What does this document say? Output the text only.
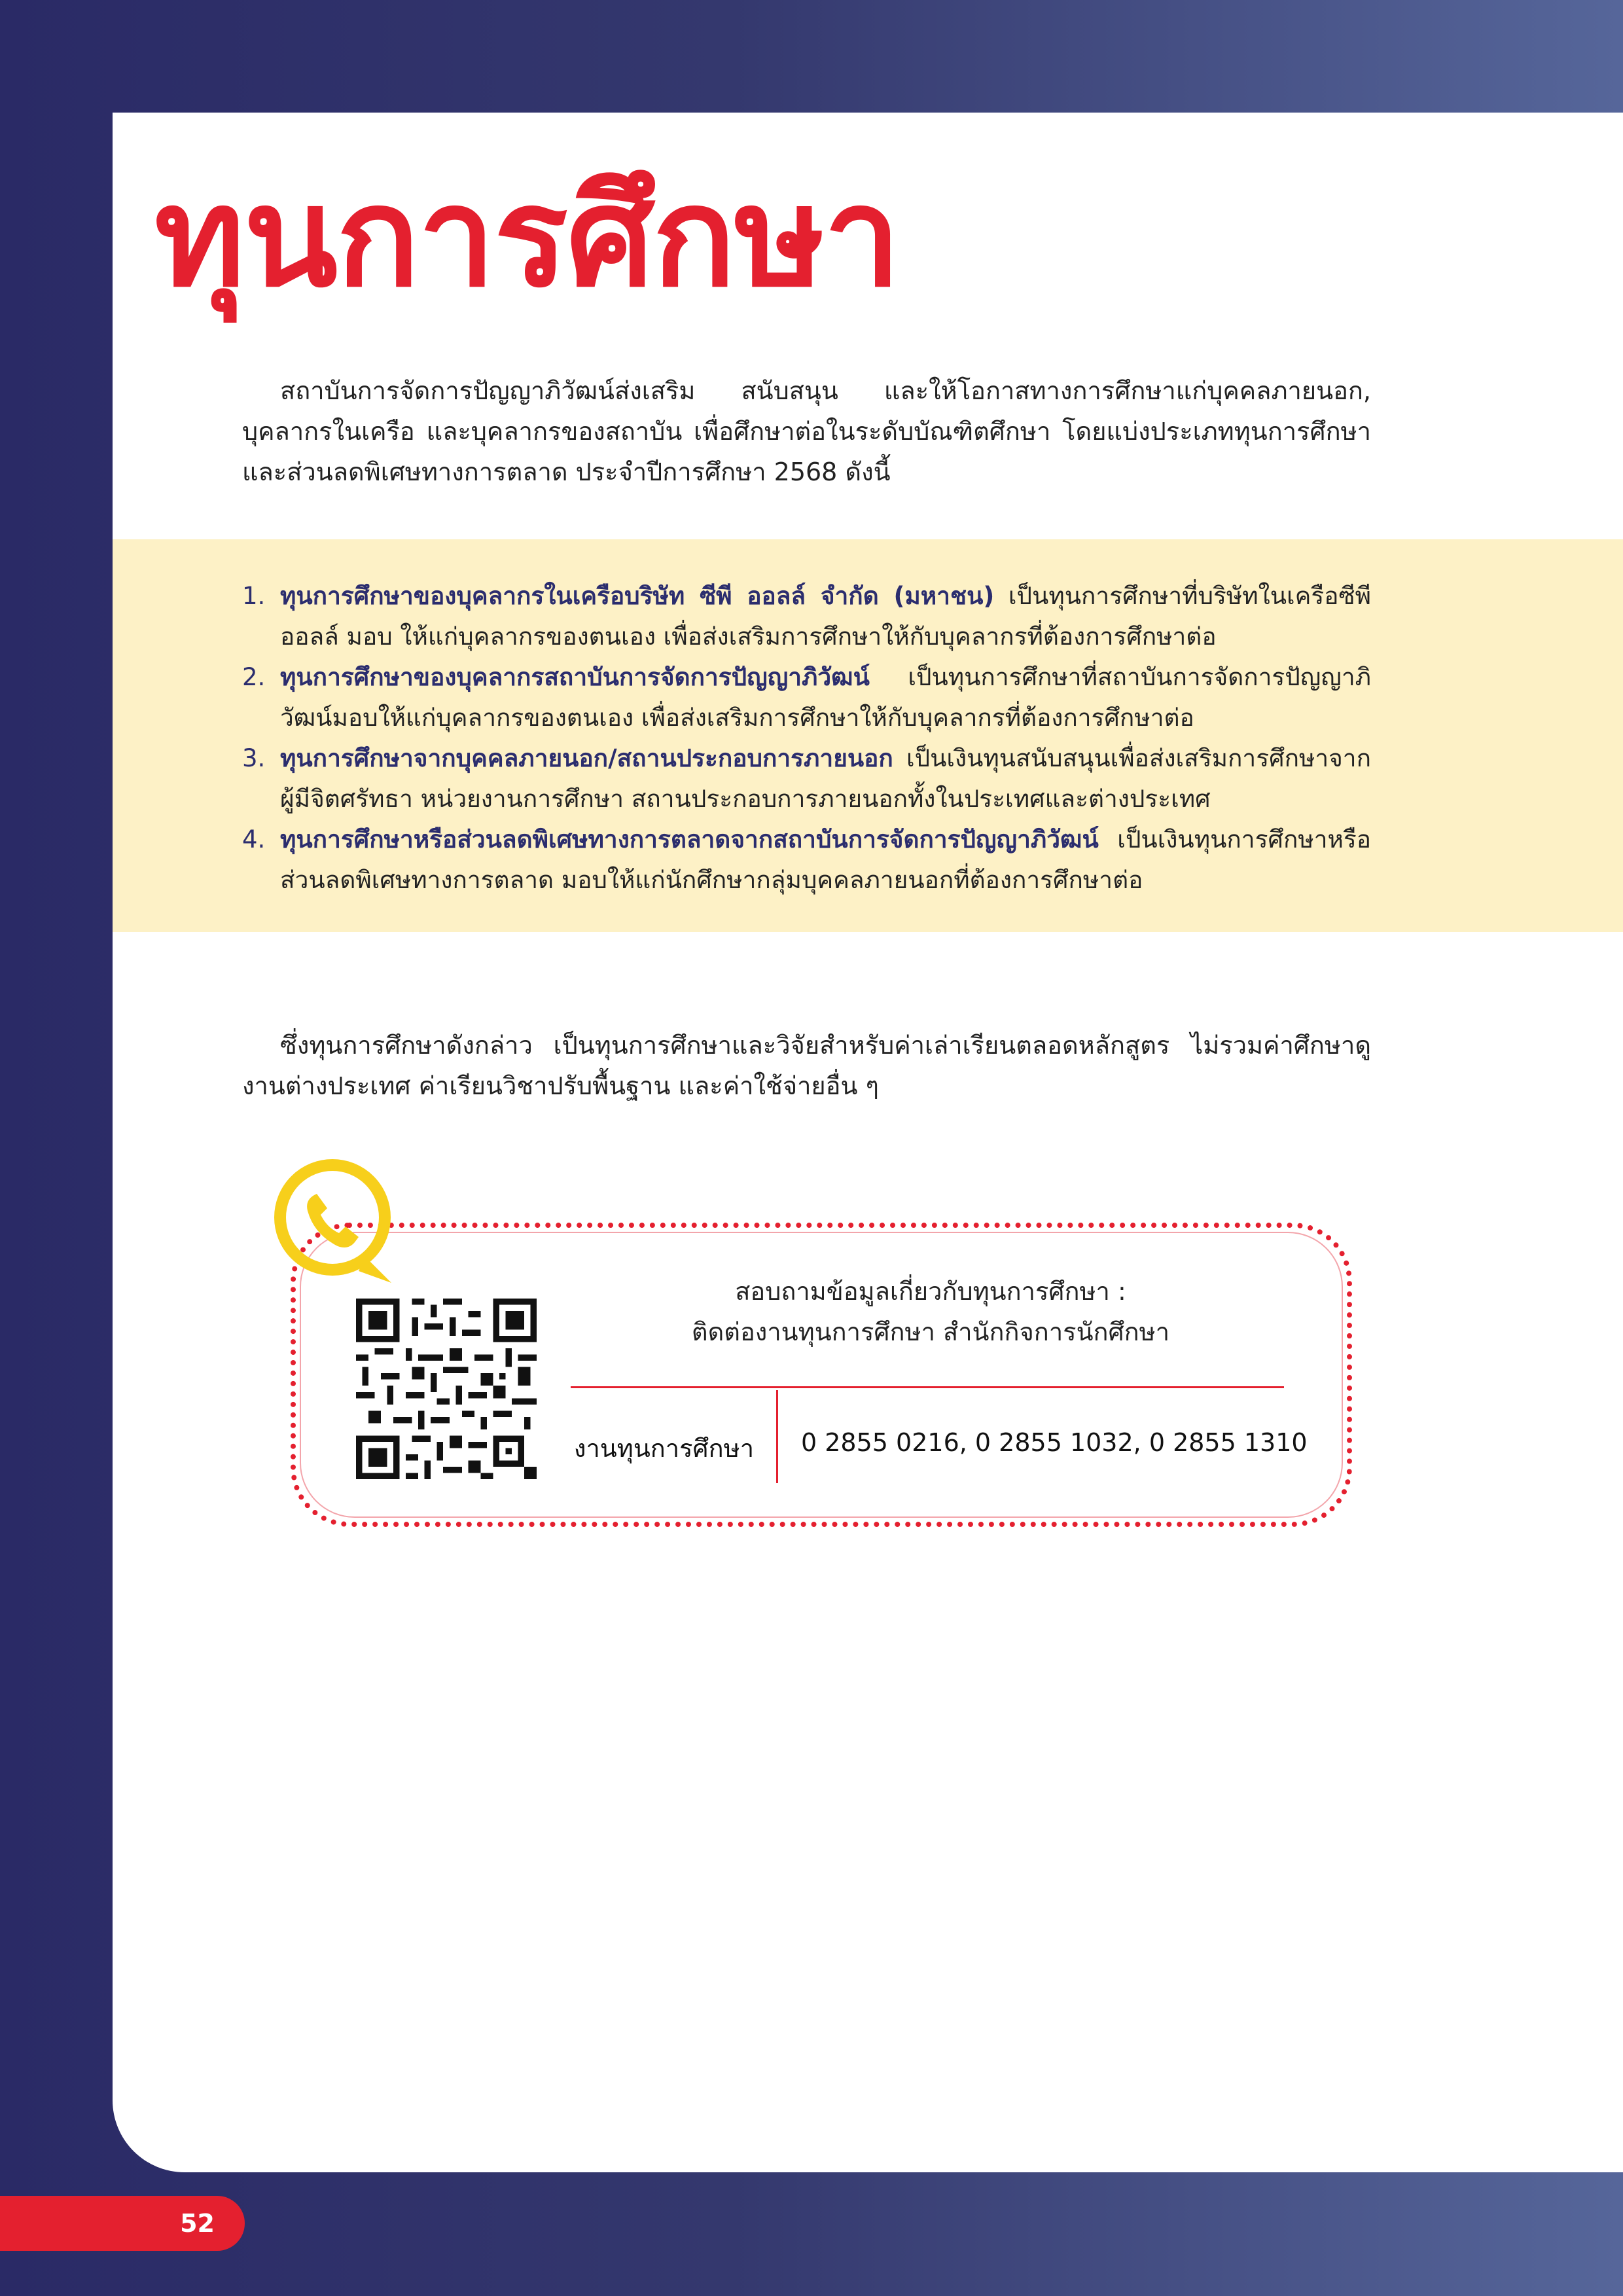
ทุนการศึกษา

สถาบันการจัดการปัญญาภิวัฒน์ส่งเสริม สนับสนุน และให้โอกาสทางการศึกษาแก่บุคคลภายนอก, บุคลากรในเครือ และบุคลากรของสถาบัน เพื่อศึกษาต่อในระดับบัณฑิตศึกษา โดยแบ่งประเภททุนการศึกษาและส่วนลดพิเศษทางการตลาด ประจำปีการศึกษา 2568 ดังนี้

1. ทุนการศึกษาของบุคลากรในเครือบริษัท ซีพี ออลล์ จำกัด (มหาชน) เป็นทุนการศึกษาที่บริษัทในเครือซีพี ออลล์ มอบ ให้แก่บุคลากรของตนเอง เพื่อส่งเสริมการศึกษาให้กับบุคลากรที่ต้องการศึกษาต่อ
2. ทุนการศึกษาของบุคลากรสถาบันการจัดการปัญญาภิวัฒน์ เป็นทุนการศึกษาที่สถาบันการจัดการปัญญาภิวัฒน์มอบให้แก่บุคลากรของตนเอง เพื่อส่งเสริมการศึกษาให้กับบุคลากรที่ต้องการศึกษาต่อ
3. ทุนการศึกษาจากบุคคลภายนอก/สถานประกอบการภายนอก เป็นเงินทุนสนับสนุนเพื่อส่งเสริมการศึกษาจากผู้มีจิตศรัทธา หน่วยงานการศึกษา สถานประกอบการภายนอกทั้งในประเทศและต่างประเทศ
4. ทุนการศึกษาหรือส่วนลดพิเศษทางการตลาดจากสถาบันการจัดการปัญญาภิวัฒน์ เป็นเงินทุนการศึกษาหรือส่วนลดพิเศษทางการตลาด มอบให้แก่นักศึกษากลุ่มบุคคลภายนอกที่ต้องการศึกษาต่อ

ซึ่งทุนการศึกษาดังกล่าว เป็นทุนการศึกษาและวิจัยสำหรับค่าเล่าเรียนตลอดหลักสูตร ไม่รวมค่าศึกษาดูงานต่างประเทศ ค่าเรียนวิชาปรับพื้นฐาน และค่าใช้จ่ายอื่น ๆ

สอบถามข้อมูลเกี่ยวกับทุนการศึกษา :
ติดต่องานทุนการศึกษา สำนักกิจการนักศึกษา
งานทุนการศึกษา	0 2855 0216, 0 2855 1032, 0 2855 1310
52
